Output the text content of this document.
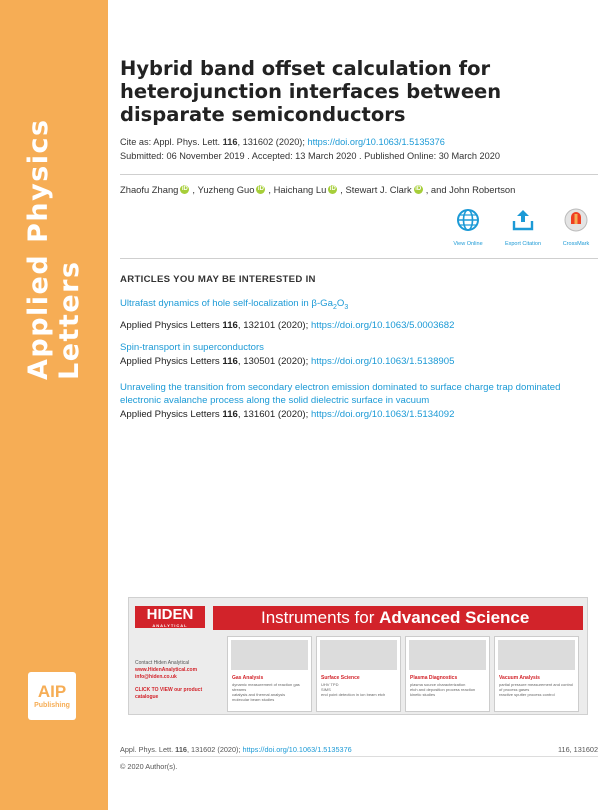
Applied Physics Letters
AIP
Publishing
Hybrid band offset calculation for heterojunction interfaces between disparate semiconductors
Cite as: Appl. Phys. Lett. 116, 131602 (2020); https://doi.org/10.1063/1.5135376
Submitted: 06 November 2019 . Accepted: 13 March 2020 . Published Online: 30 March 2020
Zhaofu Zhang iD , Yuzheng Guo iD , Haichang Lu iD , Stewart J. Clark iD , and John Robertson
View Online	Export Citation	CrossMark
ARTICLES YOU MAY BE INTERESTED IN
Ultrafast dynamics of hole self-localization in $\beta-Ga_2O_3$
Applied Physics Letters 116, 132101 (2020); https://doi.org/10.1063/5.0003682
Spin-transport in superconductors
Applied Physics Letters 116, 130501 (2020); https://doi.org/10.1063/1.5138905
Unraveling the transition from secondary electron emission dominated to surface charge trap dominated electronic avalanche process along the solid dielectric surface in vacuum
Applied Physics Letters 116, 131601 (2020); https://doi.org/10.1063/1.5134092
HIDEN
ANALYTICAL	Instruments for Advanced Science
Contact Hiden Analytical
www.HidenAnalytical.com
info@hiden.co.uk
CLICK TO VIEW our product catalogue
Gas Analysis
dynamic measurement of reaction gas streams
catalysis and thermal analysis
molecular beam studies
Surface Science
UHV TPD
SIMS
end point detection in ion beam etch
Plasma Diagnostics
plasma source characterization
etch and deposition process reaction
kinetic studies
Vacuum Analysis
partial pressure measurement and control
of process gases
reactive sputter process control
Appl. Phys. Lett. 116, 131602 (2020); https://doi.org/10.1063/1.5135376	116, 131602
© 2020 Author(s).
